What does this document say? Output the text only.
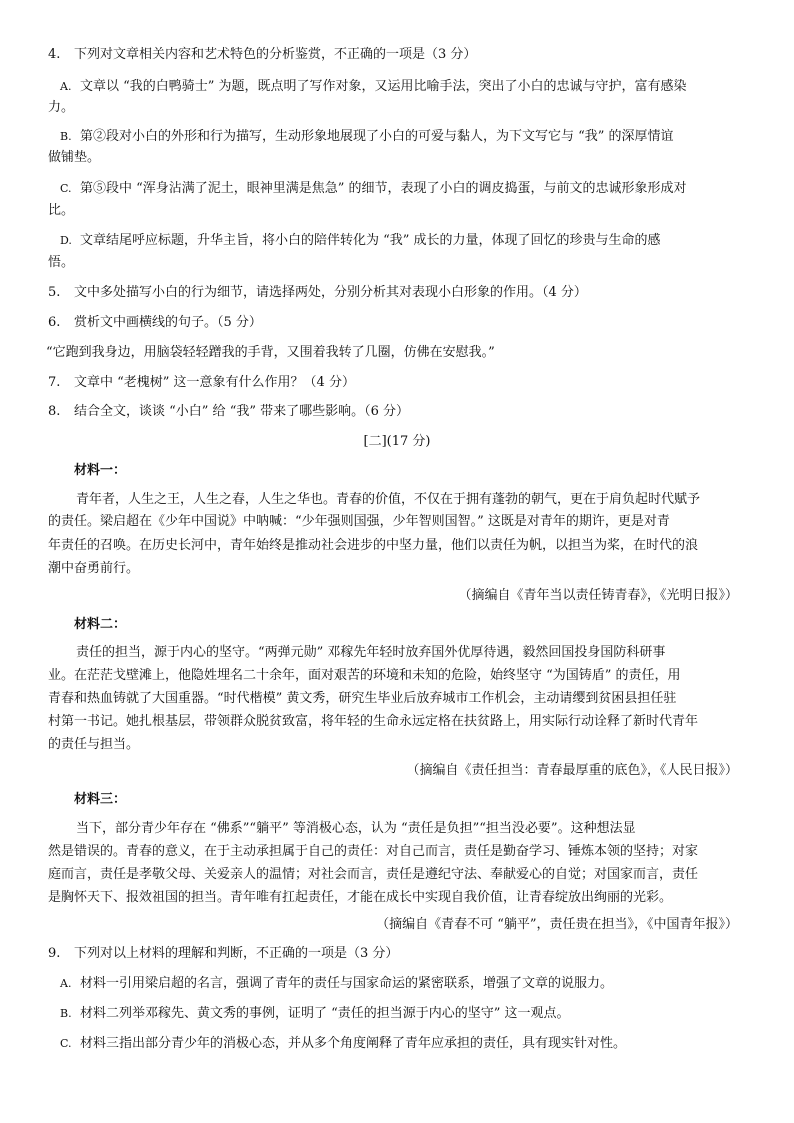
4. 下列对文章相关内容和艺术特色的分析鉴赏，不正确的一项是（3 分）
A. 文章以 “我的白鸭骑士” 为题，既点明了写作对象，又运用比喻手法，突出了小白的忠诚与守护，富有感染
力。
B. 第②段对小白的外形和行为描写，生动形象地展现了小白的可爱与黏人，为下文写它与 “我” 的深厚情谊
做铺垫。
C. 第⑤段中 “浑身沾满了泥土，眼神里满是焦急” 的细节，表现了小白的调皮捣蛋，与前文的忠诚形象形成对
比。
D. 文章结尾呼应标题，升华主旨，将小白的陪伴转化为 “我” 成长的力量，体现了回忆的珍贵与生命的感
悟。
5. 文中多处描写小白的行为细节，请选择两处，分别分析其对表现小白形象的作用。（4 分）
6. 赏析文中画横线的句子。（5 分）
“它跑到我身边，用脑袋轻轻蹭我的手背，又围着我转了几圈，仿佛在安慰我。”
7. 文章中 “老槐树” 这一意象有什么作用？（4 分）
8. 结合全文，谈谈 “小白” 给 “我” 带来了哪些影响。（6 分）
[二](17 分)
材料一：
青年者，人生之王，人生之春，人生之华也。青春的价值，不仅在于拥有蓬勃的朝气，更在于肩负起时代赋予
的责任。梁启超在《少年中国说》中呐喊：“少年强则国强，少年智则国智。” 这既是对青年的期许，更是对青
年责任的召唤。在历史长河中，青年始终是推动社会进步的中坚力量，他们以责任为帆，以担当为桨，在时代的浪
潮中奋勇前行。
（摘编自《青年当以责任铸青春》，《光明日报》）
材料二：
责任的担当，源于内心的坚守。“两弹元勋” 邓稼先年轻时放弃国外优厚待遇，毅然回国投身国防科研事
业。在茫茫戈壁滩上，他隐姓埋名二十余年，面对艰苦的环境和未知的危险，始终坚守 “为国铸盾” 的责任，用
青春和热血铸就了大国重器。“时代楷模” 黄文秀，研究生毕业后放弃城市工作机会，主动请缨到贫困县担任驻
村第一书记。她扎根基层，带领群众脱贫致富，将年轻的生命永远定格在扶贫路上，用实际行动诠释了新时代青年
的责任与担当。
（摘编自《责任担当：青春最厚重的底色》，《人民日报》）
材料三：
当下，部分青少年存在 “佛系”“躺平” 等消极心态，认为 “责任是负担”“担当没必要”。这种想法显
然是错误的。青春的意义，在于主动承担属于自己的责任：对自己而言，责任是勤奋学习、锤炼本领的坚持；对家
庭而言，责任是孝敬父母、关爱亲人的温情；对社会而言，责任是遵纪守法、奉献爱心的自觉；对国家而言，责任
是胸怀天下、报效祖国的担当。青年唯有扛起责任，才能在成长中实现自我价值，让青春绽放出绚丽的光彩。
（摘编自《青春不可 “躺平”，责任贵在担当》，《中国青年报》）
9. 下列对以上材料的理解和判断，不正确的一项是（3 分）
A. 材料一引用梁启超的名言，强调了青年的责任与国家命运的紧密联系，增强了文章的说服力。
B. 材料二列举邓稼先、黄文秀的事例，证明了 “责任的担当源于内心的坚守” 这一观点。
C. 材料三指出部分青少年的消极心态，并从多个角度阐释了青年应承担的责任，具有现实针对性。
